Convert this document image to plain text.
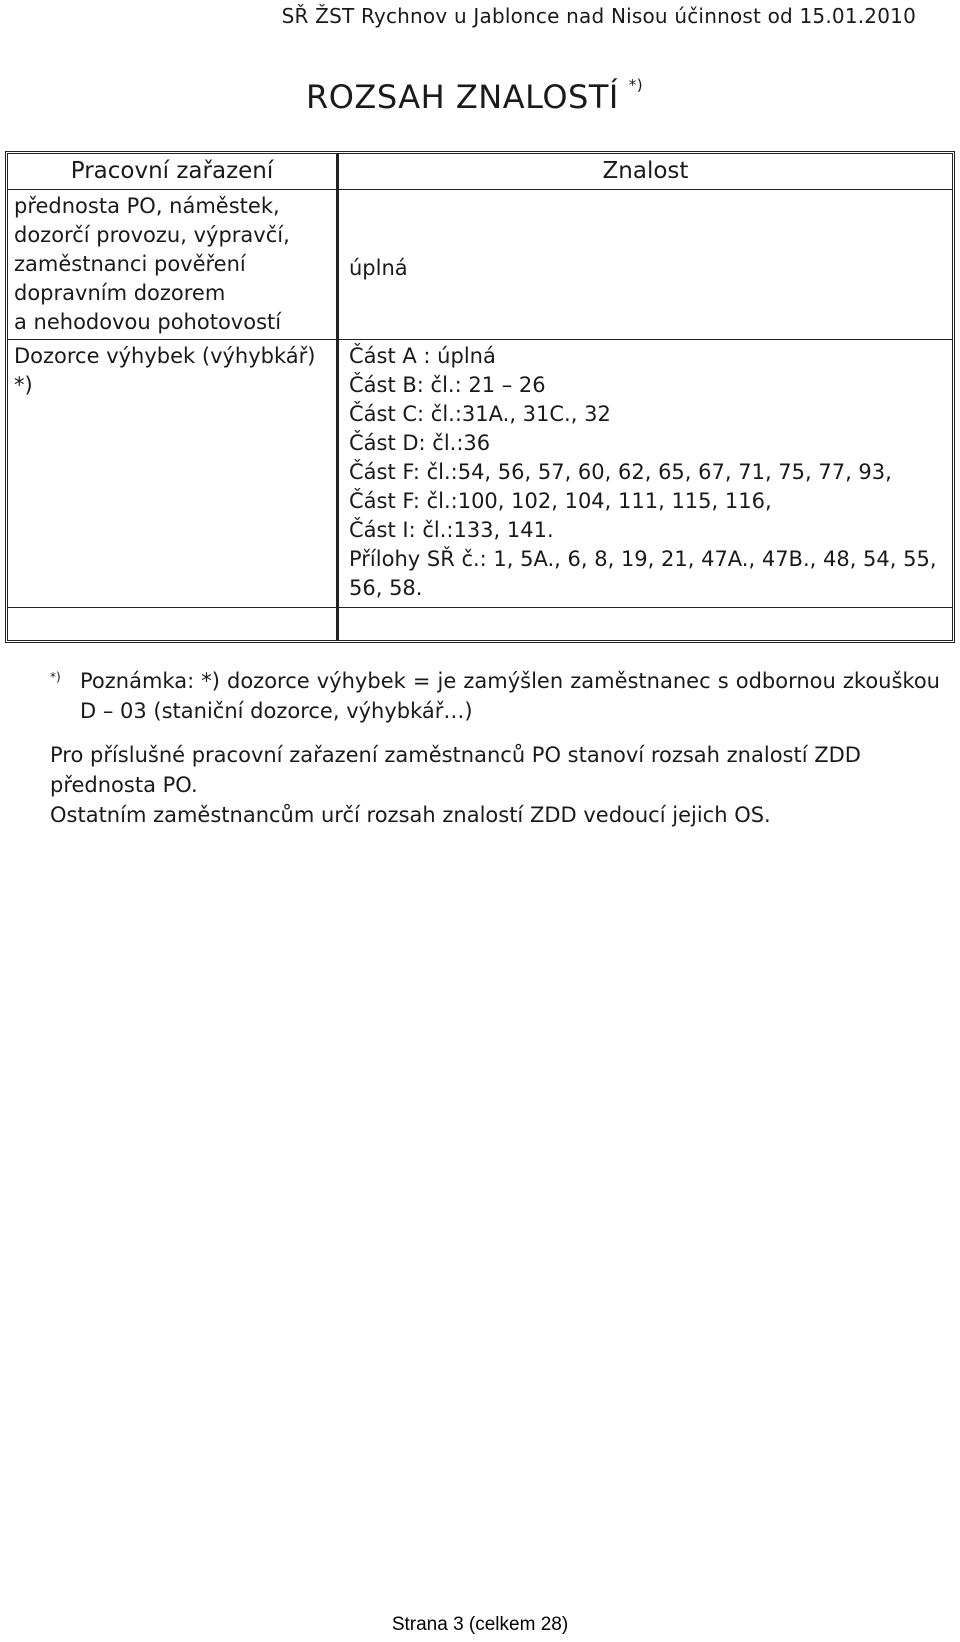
SŘ ŽST Rychnov u Jablonce nad Nisou účinnost od 15.01.2010
ROZSAH ZNALOSTÍ *)
Pracovní zařazení	Znalost
přednosta PO, náměstek,
dozorčí provozu, výpravčí,
zaměstnanci pověření
dopravním dozorem
a nehodovou pohotovostí
úplná
Dozorce výhybek (výhybkář)
*)
Část A : úplná
Část B: čl.: 21 – 26
Část C: čl.:31A., 31C., 32
Část D: čl.:36
Část F: čl.:54, 56, 57, 60, 62, 65, 67, 71, 75, 77, 93,
Část F: čl.:100, 102, 104, 111, 115, 116,
Část I: čl.:133, 141.
Přílohy SŘ č.: 1, 5A., 6, 8, 19, 21, 47A., 47B., 48, 54, 55, 56, 58.
*) Poznámka: *) dozorce výhybek = je zamýšlen zaměstnanec s odbornou zkouškou D – 03 (staniční dozorce, výhybkář…)
Pro příslušné pracovní zařazení zaměstnanců PO stanoví rozsah znalostí ZDD přednosta PO.
Ostatním zaměstnancům určí rozsah znalostí ZDD vedoucí jejich OS.
Strana 3 (celkem 28)
